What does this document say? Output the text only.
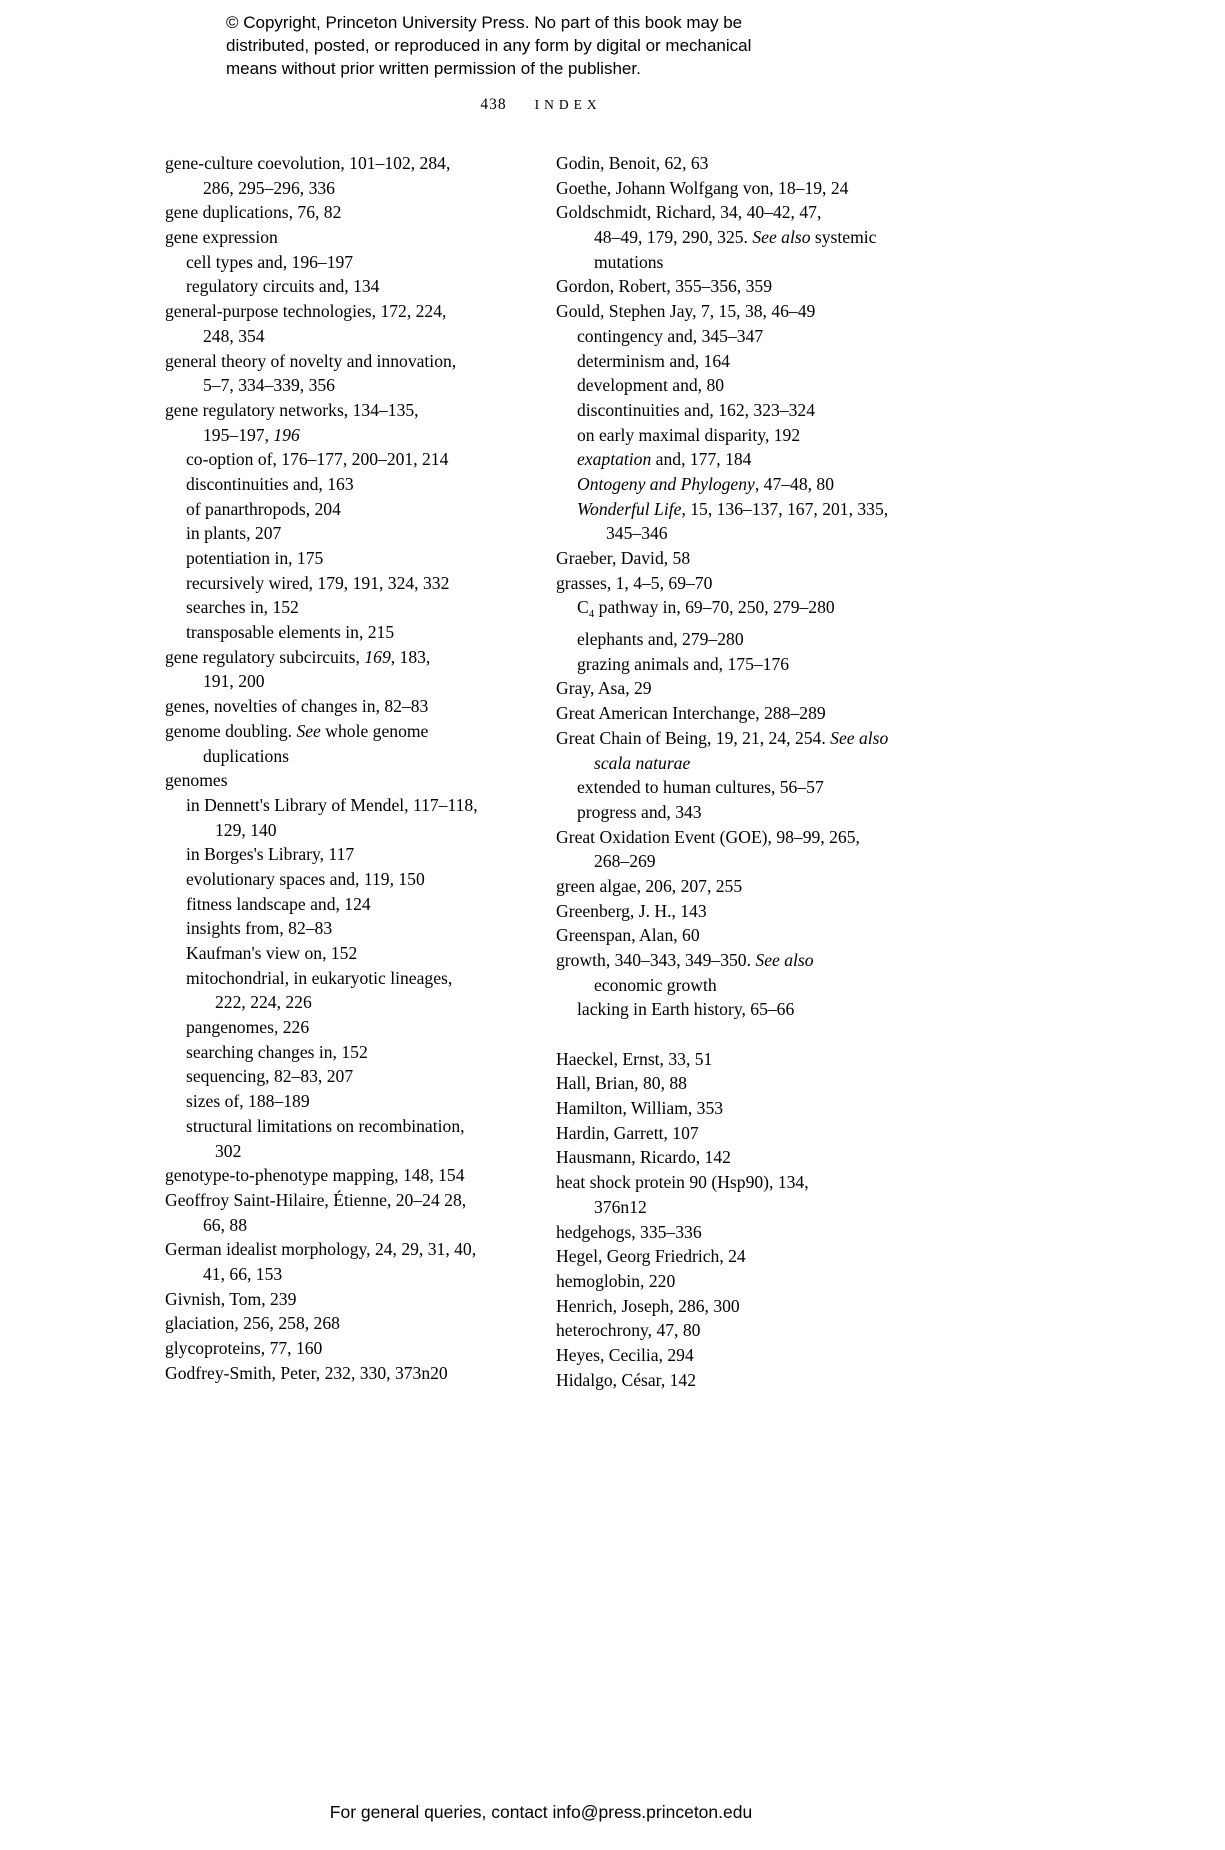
© Copyright, Princeton University Press. No part of this book may be
distributed, posted, or reproduced in any form by digital or mechanical
means without prior written permission of the publisher.
438 INDEX
gene-culture coevolution, 101–102, 284,
286, 295–296, 336
gene duplications, 76, 82
gene expression
cell types and, 196–197
regulatory circuits and, 134
general-purpose technologies, 172, 224,
248, 354
general theory of novelty and innovation,
5–7, 334–339, 356
gene regulatory networks, 134–135,
195–197, 196
co-option of, 176–177, 200–201, 214
discontinuities and, 163
of panarthropods, 204
in plants, 207
potentiation in, 175
recursively wired, 179, 191, 324, 332
searches in, 152
transposable elements in, 215
gene regulatory subcircuits, 169, 183,
191, 200
genes, novelties of changes in, 82–83
genome doubling. See whole genome
duplications
genomes
in Dennett's Library of Mendel, 117–118,
129, 140
in Borges's Library, 117
evolutionary spaces and, 119, 150
fitness landscape and, 124
insights from, 82–83
Kaufman's view on, 152
mitochondrial, in eukaryotic lineages,
222, 224, 226
pangenomes, 226
searching changes in, 152
sequencing, 82–83, 207
sizes of, 188–189
structural limitations on recombination,
302
genotype-to-phenotype mapping, 148, 154
Geoffroy Saint-Hilaire, Étienne, 20–24 28,
66, 88
German idealist morphology, 24, 29, 31, 40,
41, 66, 153
Givnish, Tom, 239
glaciation, 256, 258, 268
glycoproteins, 77, 160
Godfrey-Smith, Peter, 232, 330, 373n20
Godin, Benoit, 62, 63
Goethe, Johann Wolfgang von, 18–19, 24
Goldschmidt, Richard, 34, 40–42, 47,
48–49, 179, 290, 325. See also systemic
mutations
Gordon, Robert, 355–356, 359
Gould, Stephen Jay, 7, 15, 38, 46–49
contingency and, 345–347
determinism and, 164
development and, 80
discontinuities and, 162, 323–324
on early maximal disparity, 192
exaptation and, 177, 184
Ontogeny and Phylogeny, 47–48, 80
Wonderful Life, 15, 136–137, 167, 201, 335,
345–346
Graeber, David, 58
grasses, 1, 4–5, 69–70
$C_4$ pathway in, 69–70, 250, 279–280
elephants and, 279–280
grazing animals and, 175–176
Gray, Asa, 29
Great American Interchange, 288–289
Great Chain of Being, 19, 21, 24, 254. See also
scala naturae
extended to human cultures, 56–57
progress and, 343
Great Oxidation Event (GOE), 98–99, 265,
268–269
green algae, 206, 207, 255
Greenberg, J. H., 143
Greenspan, Alan, 60
growth, 340–343, 349–350. See also
economic growth
lacking in Earth history, 65–66
Haeckel, Ernst, 33, 51
Hall, Brian, 80, 88
Hamilton, William, 353
Hardin, Garrett, 107
Hausmann, Ricardo, 142
heat shock protein 90 (Hsp90), 134,
376n12
hedgehogs, 335–336
Hegel, Georg Friedrich, 24
hemoglobin, 220
Henrich, Joseph, 286, 300
heterochrony, 47, 80
Heyes, Cecilia, 294
Hidalgo, César, 142
For general queries, contact info@press.princeton.edu
